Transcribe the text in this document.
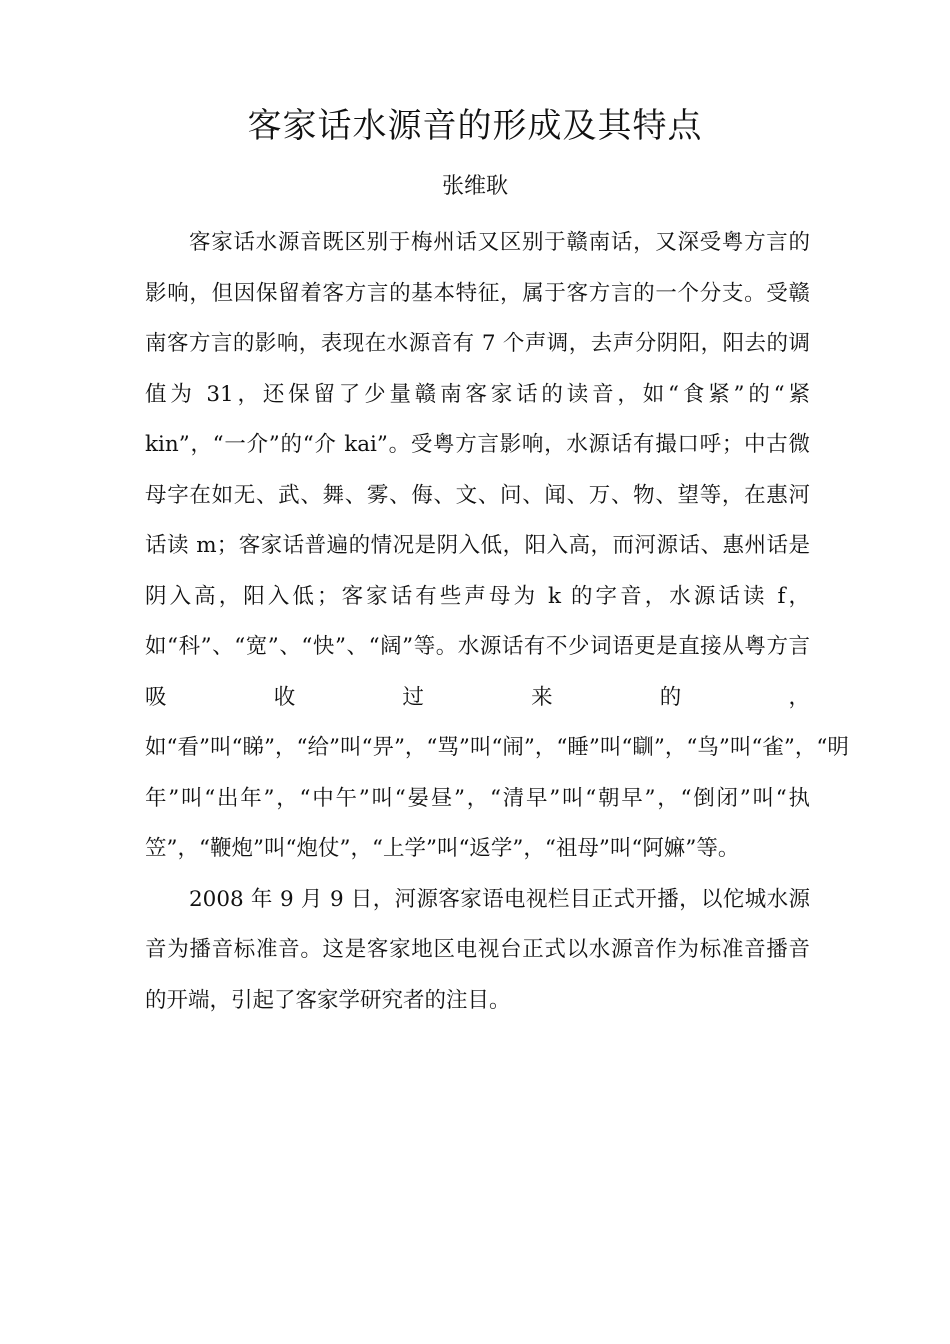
客家话水源音的形成及其特点
张维耿

客家话水源音既区别于梅州话又区别于赣南话，又深受粤方言的影响，但因保留着客方言的基本特征，属于客方言的一个分支。受赣南客方言的影响，表现在水源音有 7 个声调，去声分阴阳，阳去的调值为 31，还保留了少量赣南客家话的读音，如“食紧”的“紧 kin”，“一介”的“介 kai”。受粤方言影响，水源话有撮口呼；中古微母字在如无、武、舞、雾、侮、文、问、闻、万、物、望等，在惠河话读 m；客家话普遍的情况是阴入低，阳入高，而河源话、惠州话是阴入高，阳入低；客家话有些声母为 k 的字音，水源话读 f，如“科”、“宽”、“快”、“阔”等。水源话有不少词语更是直接从粤方言吸收过来的，如“看”叫“睇”，“给”叫“畀”，“骂”叫“闹”，“睡”叫“瞓”，“鸟”叫“雀”，“明年”叫“出年”，“中午”叫“晏昼”，“清早”叫“朝早”，“倒闭”叫“执笠”，“鞭炮”叫“炮仗”，“上学”叫“返学”，“祖母”叫“阿嫲”等。

2008 年 9 月 9 日，河源客家语电视栏目正式开播，以佗城水源音为播音标准音。这是客家地区电视台正式以水源音作为标准音播音的开端，引起了客家学研究者的注目。
